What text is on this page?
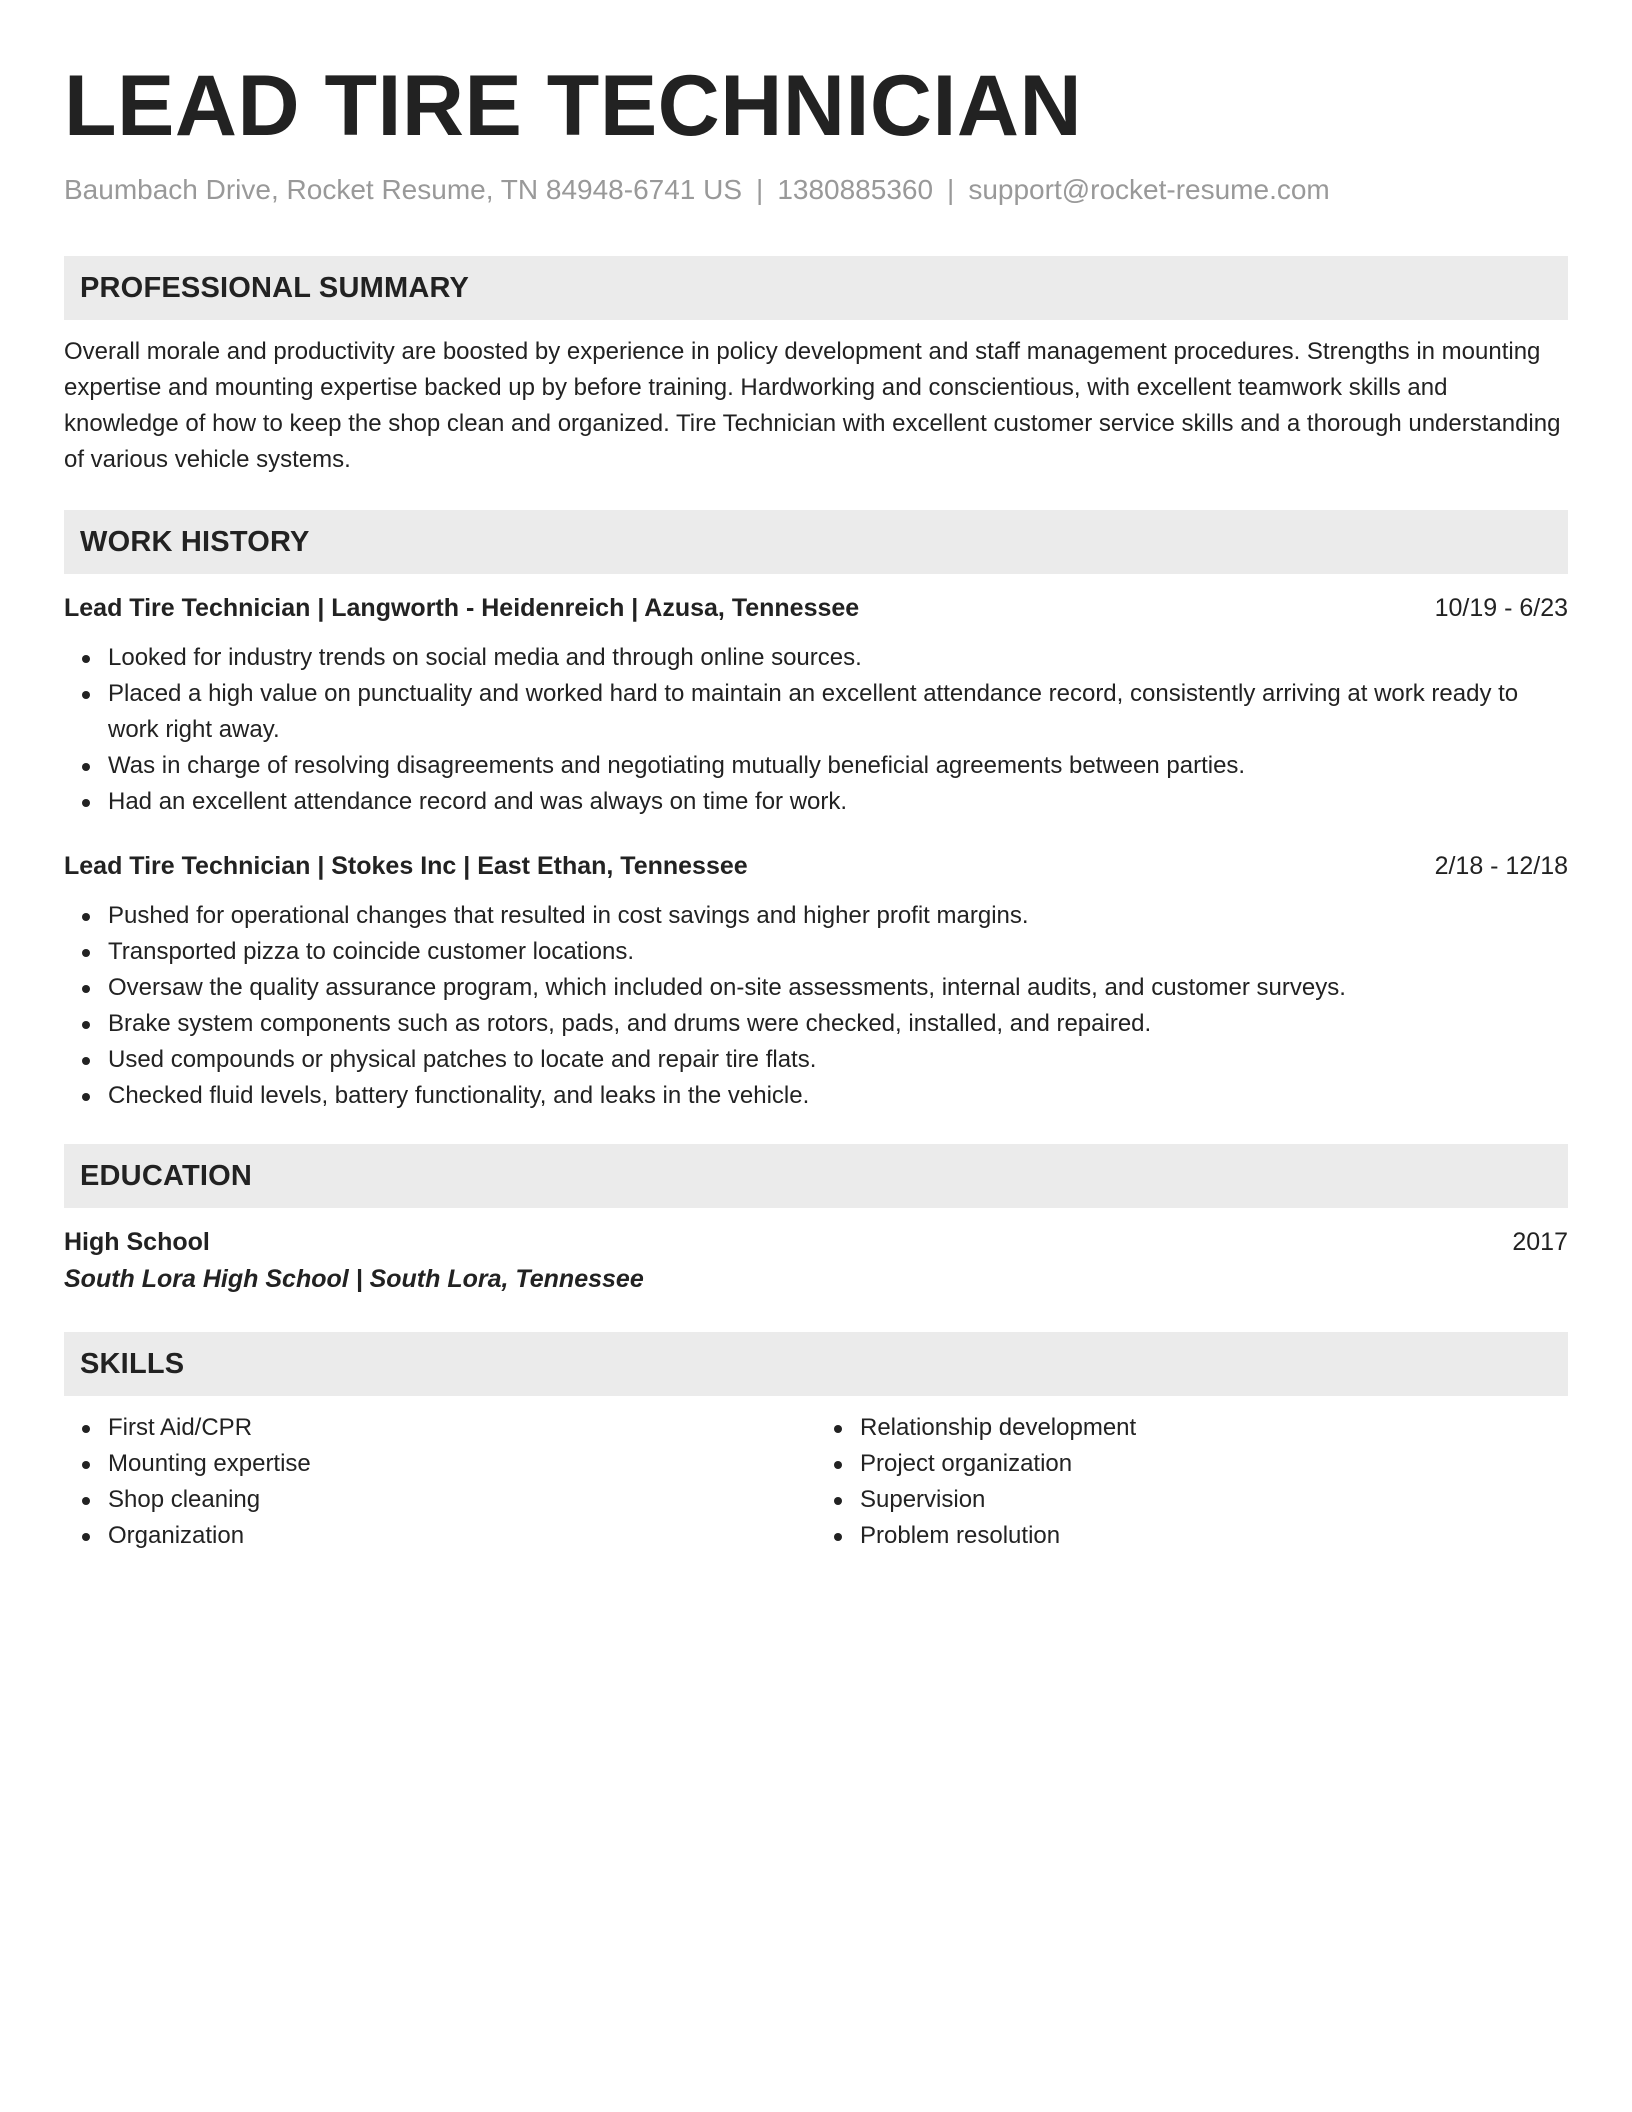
LEAD TIRE TECHNICIAN
Baumbach Drive, Rocket Resume, TN 84948-6741 US | 1380885360 | support@rocket-resume.com
PROFESSIONAL SUMMARY
Overall morale and productivity are boosted by experience in policy development and staff management procedures. Strengths in mounting expertise and mounting expertise backed up by before training. Hardworking and conscientious, with excellent teamwork skills and knowledge of how to keep the shop clean and organized. Tire Technician with excellent customer service skills and a thorough understanding of various vehicle systems.
WORK HISTORY
Lead Tire Technician | Langworth - Heidenreich | Azusa, Tennessee	10/19 - 6/23
Looked for industry trends on social media and through online sources.
Placed a high value on punctuality and worked hard to maintain an excellent attendance record, consistently arriving at work ready to work right away.
Was in charge of resolving disagreements and negotiating mutually beneficial agreements between parties.
Had an excellent attendance record and was always on time for work.
Lead Tire Technician | Stokes Inc | East Ethan, Tennessee	2/18 - 12/18
Pushed for operational changes that resulted in cost savings and higher profit margins.
Transported pizza to coincide customer locations.
Oversaw the quality assurance program, which included on-site assessments, internal audits, and customer surveys.
Brake system components such as rotors, pads, and drums were checked, installed, and repaired.
Used compounds or physical patches to locate and repair tire flats.
Checked fluid levels, battery functionality, and leaks in the vehicle.
EDUCATION
High School	2017
South Lora High School | South Lora, Tennessee
SKILLS
First Aid/CPR
Mounting expertise
Shop cleaning
Organization
Relationship development
Project organization
Supervision
Problem resolution
